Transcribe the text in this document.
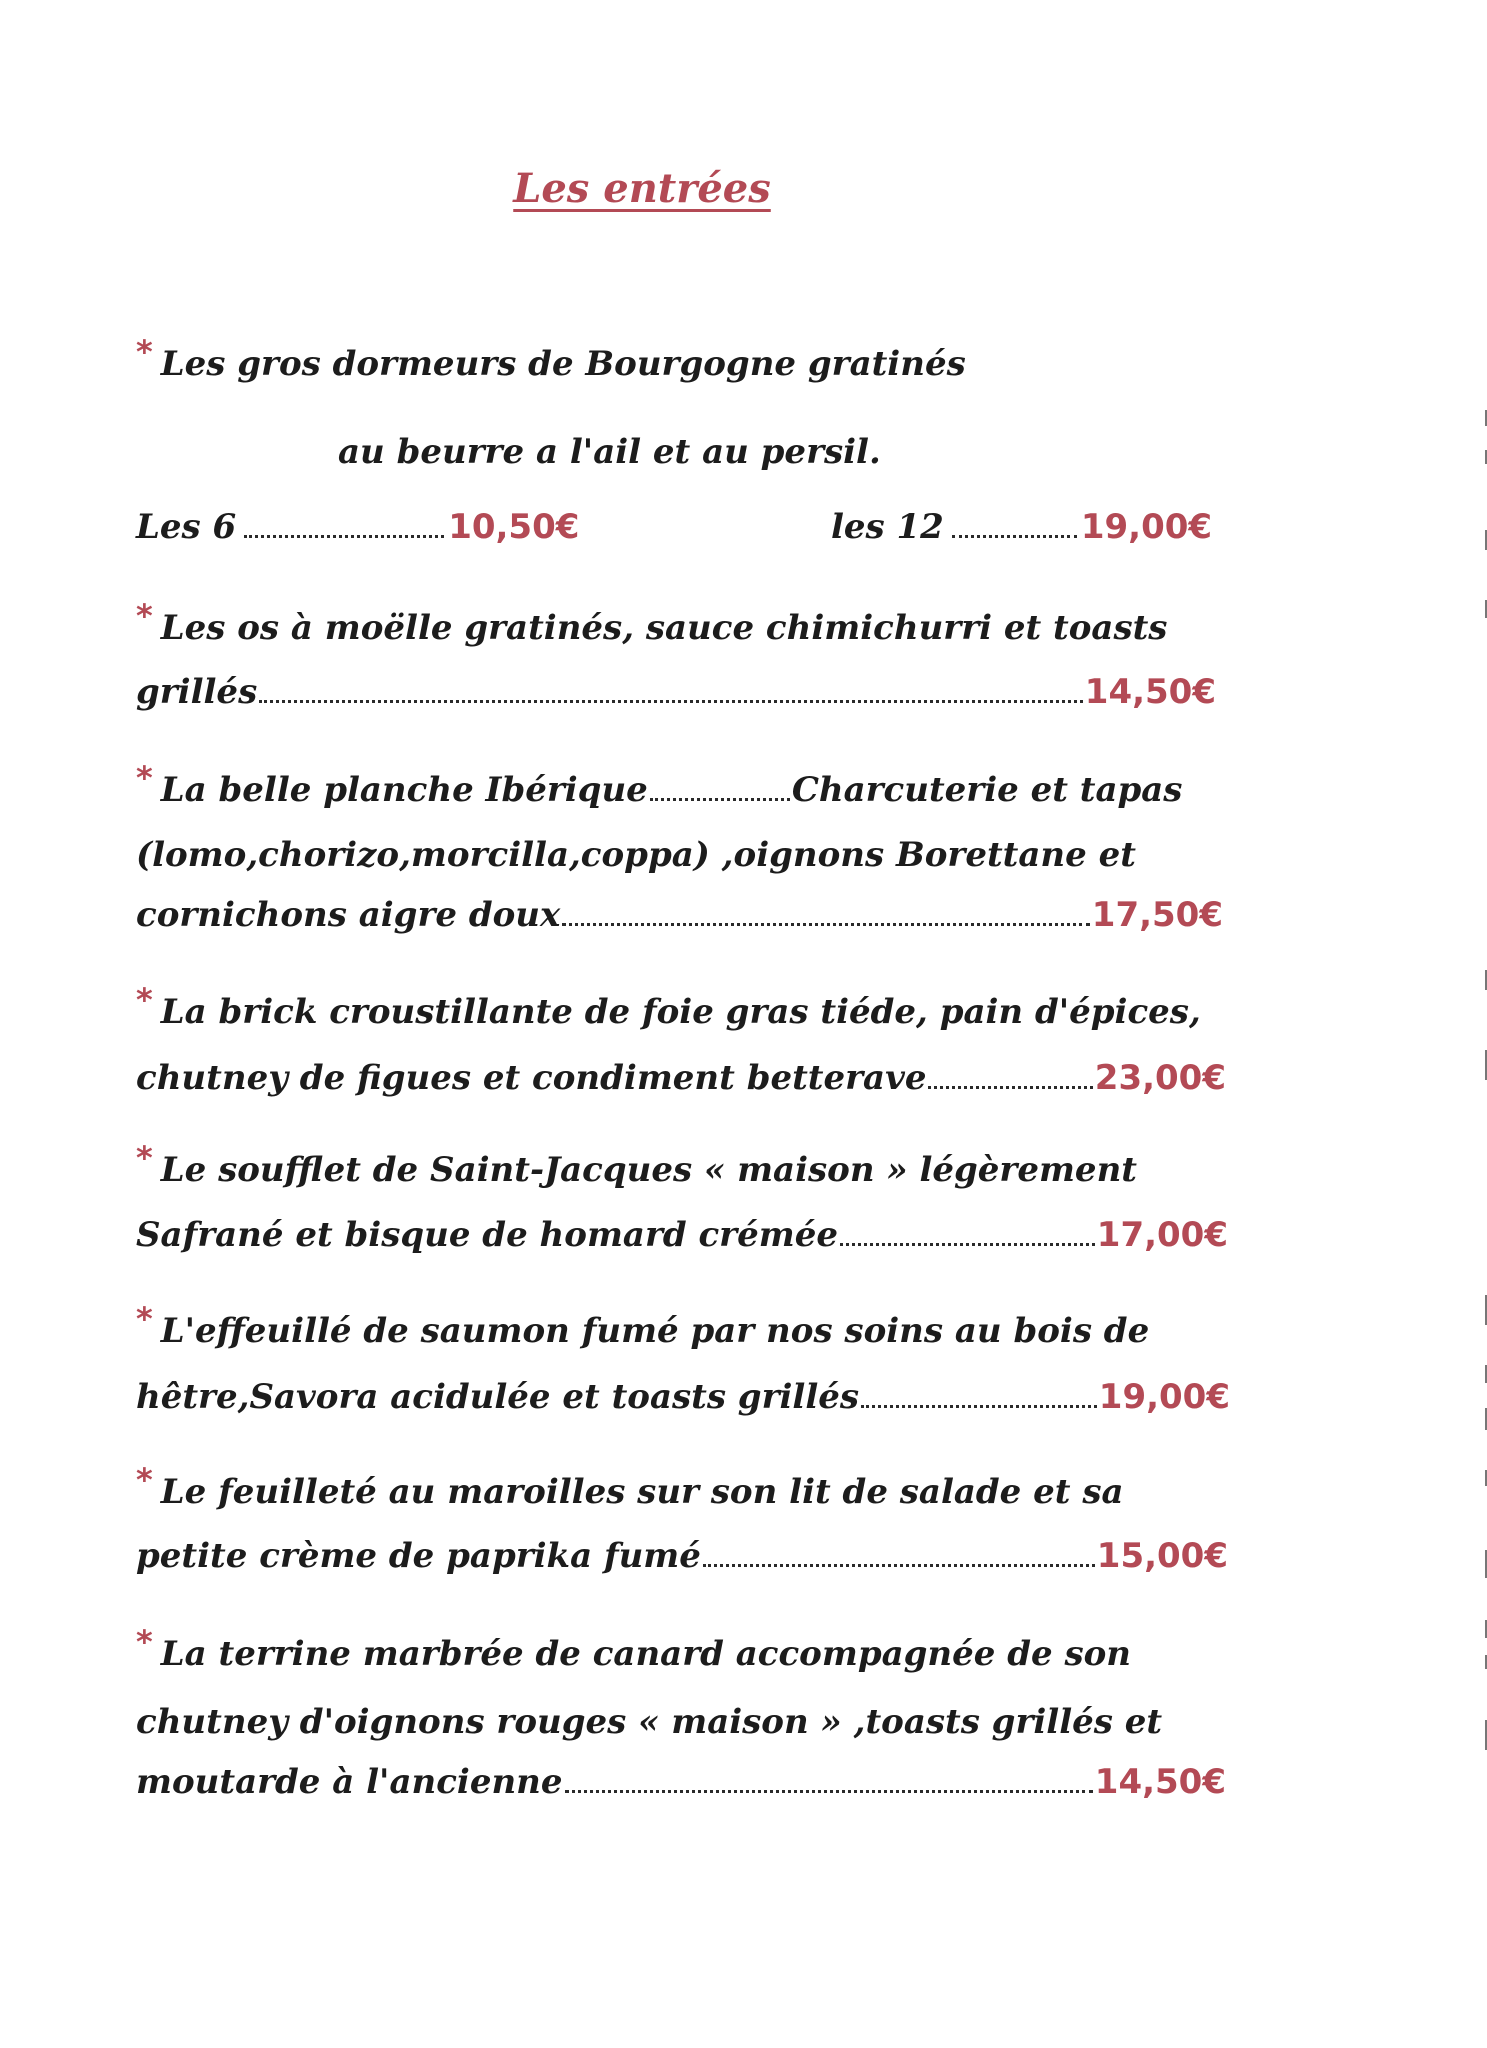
Les entrées
* Les gros dormeurs de Bourgogne gratinés
au beurre a l'ail et au persil.
Les 6	10,50€	les 12	19,00€
* Les os à moëlle gratinés, sauce chimichurri et toasts
grillés	14,50€
* La belle planche Ibérique	Charcuterie et tapas
(lomo,chorizo,morcilla,coppa) ,oignons Borettane et
cornichons aigre doux	17,50€
* La brick croustillante de foie gras tiéde, pain d'épices,
chutney de figues et condiment betterave	23,00€
* Le soufflet de Saint-Jacques « maison » légèrement
Safrané et bisque de homard crémée	17,00€
* L'effeuillé de saumon fumé par nos soins au bois de
hêtre,Savora acidulée et toasts grillés	19,00€
* Le feuilleté au maroilles sur son lit de salade et sa
petite crème de paprika fumé	15,00€
* La terrine marbrée de canard accompagnée de son
chutney d'oignons rouges « maison » ,toasts grillés et
moutarde à l'ancienne	14,50€
